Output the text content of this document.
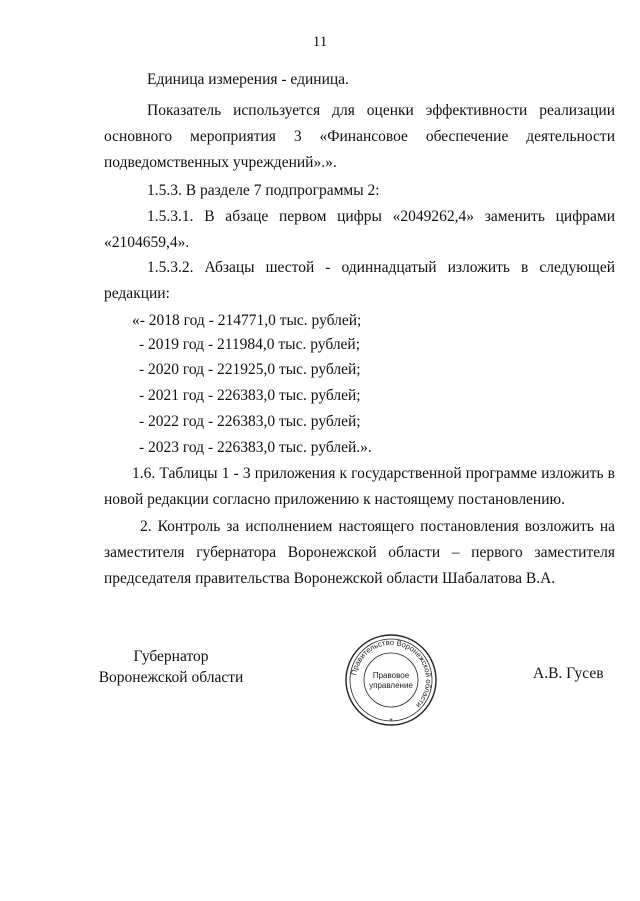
11
Единица измерения - единица.
Показатель используется для оценки эффективности реализации
основного мероприятия 3 «Финансовое обеспечение деятельности
подведомственных учреждений».».
1.5.3. В разделе 7 подпрограммы 2:
1.5.3.1. В абзаце первом цифры «2049262,4» заменить цифрами
«2104659,4».
1.5.3.2. Абзацы шестой - одиннадцатый изложить в следующей
редакции:
«- 2018 год - 214771,0 тыс. рублей;
- 2019 год - 211984,0 тыс. рублей;
- 2020 год - 221925,0 тыс. рублей;
- 2021 год - 226383,0 тыс. рублей;
- 2022 год - 226383,0 тыс. рублей;
- 2023 год - 226383,0 тыс. рублей.».
1.6. Таблицы 1 - 3 приложения к государственной программе изложить в
новой редакции согласно приложению к настоящему постановлению.
2. Контроль за исполнением настоящего постановления возложить на
заместителя губернатора Воронежской области – первого заместителя
председателя правительства Воронежской области Шабалатова В.А.
Губернатор
Воронежской области	А.В. Гусев
Правительство Воронежской области
Правовое
управление
*
